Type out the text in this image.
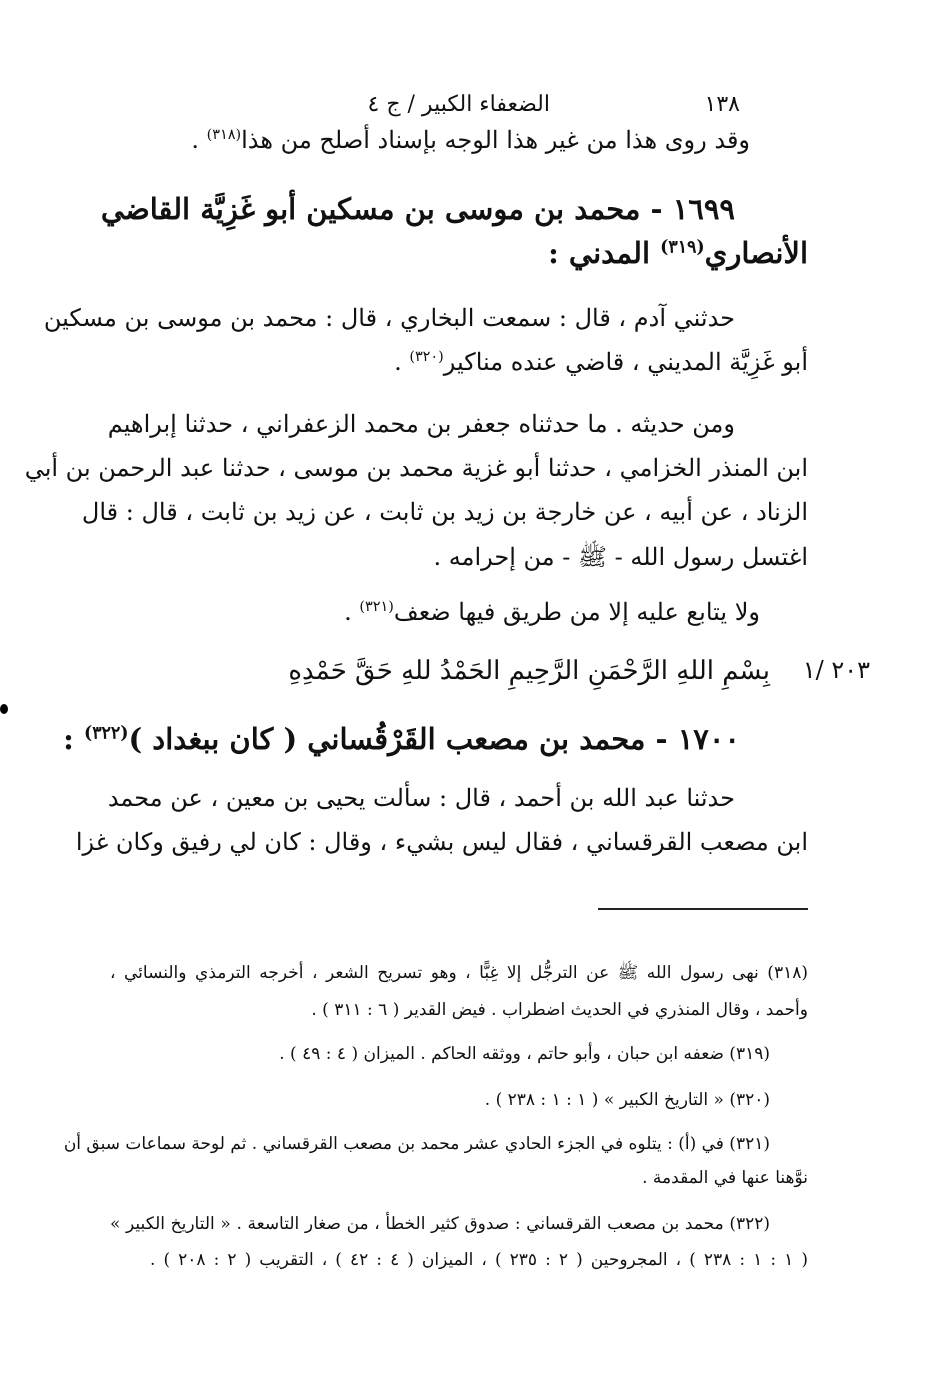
١٣٨
الضعفاء الكبير / ج ٤
وقد روى هذا من غير هذا الوجه بإسناد أصلح من هذا$^{(٣١٨)}$ .
١٦٩٩ - محمد بن موسى بن مسكين أبو غَزِيَّة القاضي
الأنصاري$^{(٣١٩)}$ المدني :
حدثني آدم ، قال : سمعت البخاري ، قال : محمد بن موسى بن مسكين
أبو غَزِيَّة المديني ، قاضي عنده مناكير$^{(٣٢٠)}$ .
ومن حديثه . ما حدثناه جعفر بن محمد الزعفراني ، حدثنا إبراهيم
ابن المنذر الخزامي ، حدثنا أبو غزية محمد بن موسى ، حدثنا عبد الرحمن بن أبي
الزناد ، عن أبيه ، عن خارجة بن زيد بن ثابت ، عن زيد بن ثابت ، قال : قال
اغتسل رسول الله - ﷺ - من إحرامه .
ولا يتابع عليه إلا من طريق فيها ضعف$^{(٣٢١)}$ .
بِسْمِ اللهِ الرَّحْمَنِ الرَّحِيمِ الحَمْدُ للهِ حَقَّ حَمْدِهِ	٢٠٣ /١
١٧٠٠ - محمد بن مصعب القَرْقُساني ( كان ببغداد )$^{(٣٢٢)}$ :
حدثنا عبد الله بن أحمد ، قال : سألت يحيى بن معين ، عن محمد
ابن مصعب القرقساني ، فقال ليس بشيء ، وقال : كان لي رفيق وكان غزا
(٣١٨) نهى رسول الله ﷺ عن الترجُّل إلا غِبًّا ، وهو تسريح الشعر ، أخرجه الترمذي والنسائي ،
وأحمد ، وقال المنذري في الحديث اضطراب . فيض القدير ( ٦ : ٣١١ ) .
(٣١٩) ضعفه ابن حبان ، وأبو حاتم ، ووثقه الحاكم . الميزان ( ٤ : ٤٩ ) .
(٣٢٠) « التاريخ الكبير » ( ١ : ١ : ٢٣٨ ) .
(٣٢١) في (أ) : يتلوه في الجزء الحادي عشر محمد بن مصعب القرقساني . ثم لوحة سماعات سبق أن
نوَّهنا عنها في المقدمة .
(٣٢٢) محمد بن مصعب القرقساني : صدوق كثير الخطأ ، من صغار التاسعة . « التاريخ الكبير »
( ١ : ١ : ٢٣٨ ) ، المجروحين ( ٢ : ٢٣٥ ) ، الميزان ( ٤ : ٤٢ ) ، التقريب ( ٢ : ٢٠٨ ) .
